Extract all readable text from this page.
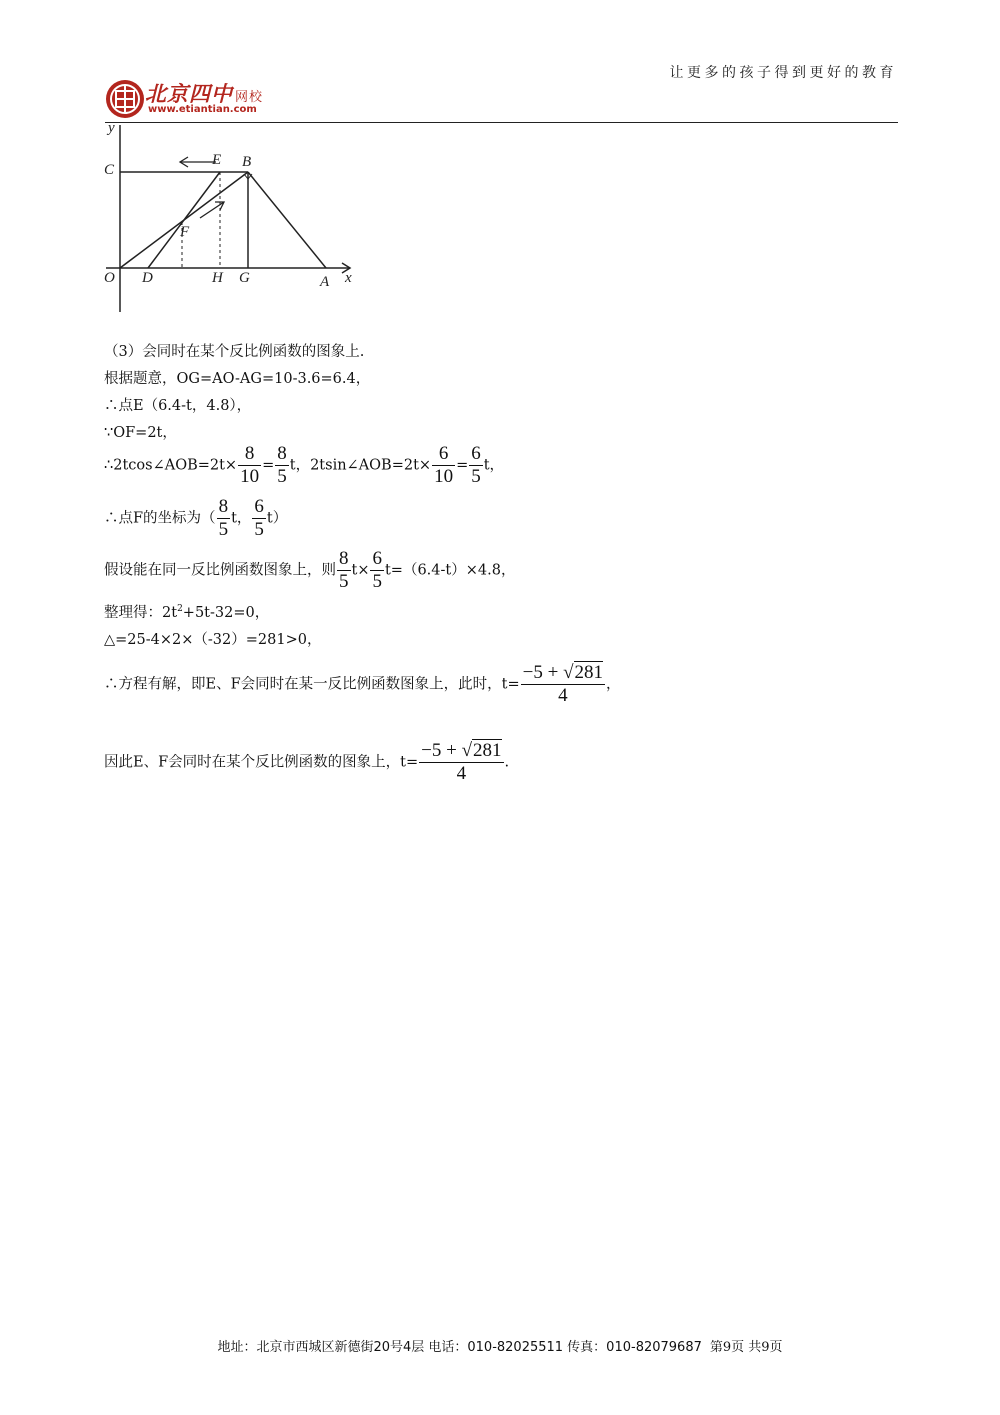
让更多的孩子得到更好的教育
北京四中 网校
www.etiantian.com
y
C
E B
F
O D	H G	A x
（3）会同时在某个反比例函数的图象上.
根据题意，OG=AO-AG=10-3.6=6.4，
∴点E（6.4-t，4.8），
∵OF=2t，
∴2tcos∠AOB=2t× $\frac{8}{10} = \frac{8}{5}$ t，2tsin∠AOB=2t× $\frac{6}{10} = \frac{6}{5}$ t，
∴点F的坐标为（ $\frac{8}{5}$ t， $\frac{6}{5} t$）
假设能在同一反比例函数图象上，则 $\frac{8}{5} t\times \frac{6}{5} t=(6.4-t)\times 4.8$，
整理得：$2t^2+5t-32=0$，
△=25-4×2×（-32）=281>0，
∴方程有解，即E、F会同时在某一反比例函数图象上，此时，$t= \frac{-5 + √281}{4}$ ，
因此E、F会同时在某个反比例函数的图象上，$t= \frac{-5 + √281}{4}$ .
地址：北京市西城区新德街20号4层 电话：010-82025511 传真：010-82079687 第9页 共9页
